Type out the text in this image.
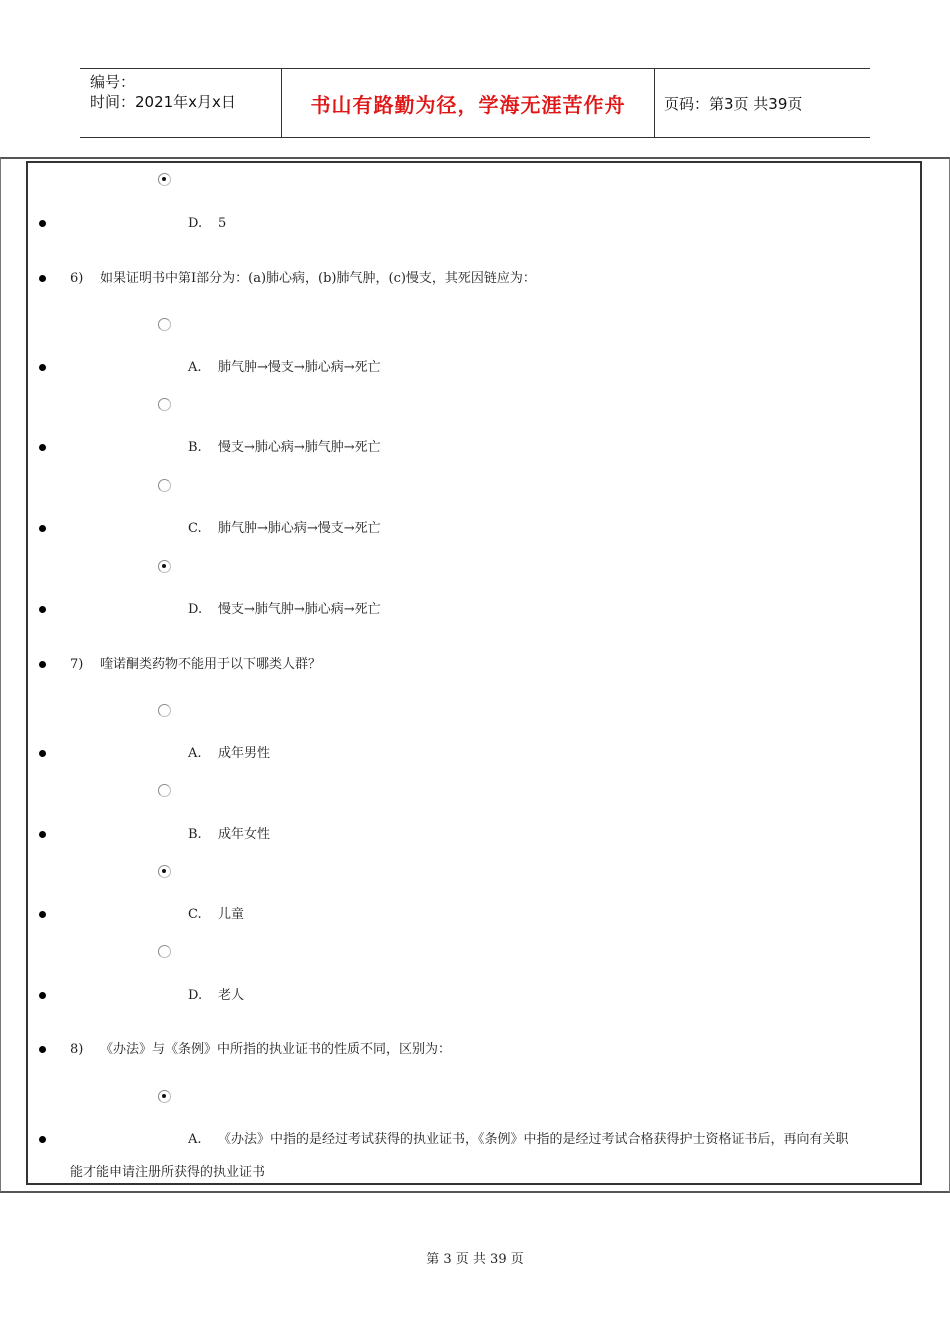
编号：
时间：2021年x月x日	书山有路勤为径，学海无涯苦作舟	页码：第3页 共39页
D. 5
6) 如果证明书中第Ⅰ部分为：(a)肺心病，(b)肺气肿，(c)慢支，其死因链应为：
A. 肺气肿→慢支→肺心病→死亡
B. 慢支→肺心病→肺气肿→死亡
C. 肺气肿→肺心病→慢支→死亡
D. 慢支→肺气肿→肺心病→死亡
7) 喹诺酮类药物不能用于以下哪类人群？
A. 成年男性
B. 成年女性
C. 儿童
D. 老人
8) 《办法》与《条例》中所指的执业证书的性质不同，区别为：
A. 《办法》中指的是经过考试获得的执业证书，《条例》中指的是经过考试合格获得护士资格证书后，再向有关职
能才能申请注册所获得的执业证书
第 3 页 共 39 页
